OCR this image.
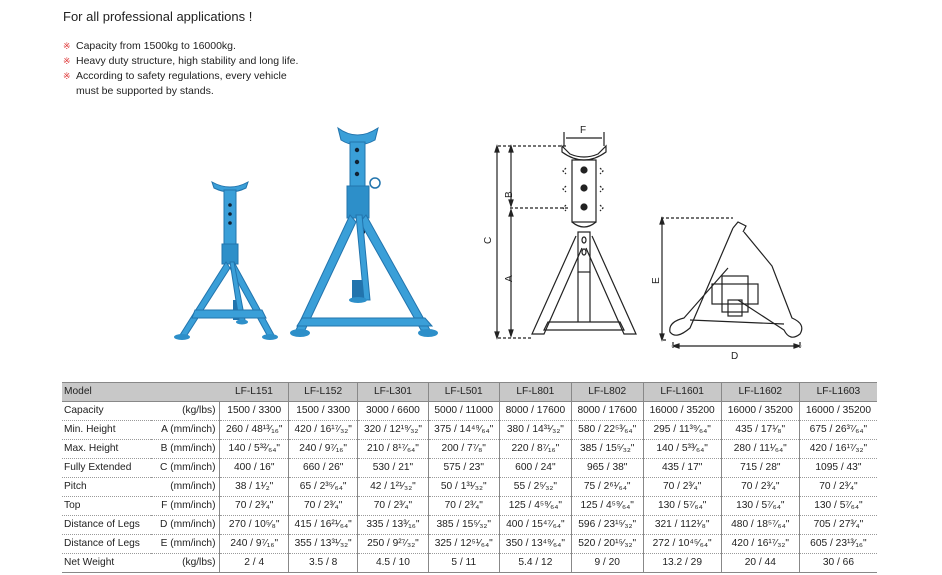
For all professional applications !
※ Capacity from 1500kg to 16000kg.
※ Heavy duty structure, high stability and long life.
※ According to safety regulations, every vehicle
must be supported by stands.
F
B
C
A	E
D
Model		LF-L151	LF-L152	LF-L301	LF-L501	LF-L801	LF-L802	LF-L1601	LF-L1602	LF-L1603
Capacity	(kg/lbs)	1500 / 3300	1500 / 3300	3000 / 6600	5000 / 11000	8000 / 17600	8000 / 17600	16000 / 35200	16000 / 35200	16000 / 35200
Min. Height	A (mm/inch)	260 / 48¹³⁄₁₆"	420 / 16¹⁷⁄₃₂"	320 / 12¹⁹⁄₃₂"	375 / 14⁴⁹⁄₆₄"	380 / 14³¹⁄₃₂"	580 / 22⁵³⁄₆₄"	295 / 11³⁹⁄₆₄"	435 / 17¹⁄₈"	675 / 26³⁷⁄₆₄"
Max. Height	B (mm/inch)	140 / 5³²⁄₆₄"	240 / 9⁷⁄₁₆"	210 / 8¹⁷⁄₆₄"	200 / 7⁷⁄₈"	220 / 8⁷⁄₁₆"	385 / 15⁵⁄₃₂"	140 / 5³³⁄₆₄"	280 / 11¹⁄₆₄"	420 / 16¹⁷⁄₃₂"
Fully Extended	C (mm/inch)	400 / 16"	660 / 26"	530 / 21"	575 / 23"	600 / 24"	965 / 38"	435 / 17"	715 / 28"	1095 / 43"
Pitch	(mm/inch)	38 / 1¹⁄₂"	65 / 2³⁵⁄₆₄"	42 / 1²¹⁄₃₂"	50 / 1³¹⁄₃₂"	55 / 2⁵⁄₃₂"	75 / 2⁶¹⁄₆₄"	70 / 2³⁄₄"	70 / 2³⁄₄"	70 / 2³⁄₄"
Top	F (mm/inch)	70 / 2³⁄₄"	70 / 2³⁄₄"	70 / 2³⁄₄"	70 / 2³⁄₄"	125 / 4⁵⁹⁄₆₄"	125 / 4⁵⁹⁄₆₄"	130 / 5⁷⁄₆₄"	130 / 5⁷⁄₆₄"	130 / 5⁷⁄₆₄"
Distance of Legs	D (mm/inch)	270 / 10⁵⁄₈"	415 / 16²¹⁄₆₄"	335 / 13³⁄₁₆"	385 / 15⁵⁄₃₂"	400 / 15⁴⁷⁄₆₄"	596 / 23¹⁵⁄₃₂"	321 / 112¹⁄₈"	480 / 18⁵⁷⁄₆₄"	705 / 27³⁄₄"
Distance of Legs	E (mm/inch)	240 / 9⁷⁄₁₆"	355 / 13³¹⁄₃₂"	250 / 9²⁷⁄₃₂"	325 / 12⁵¹⁄₆₄"	350 / 13⁴⁹⁄₆₄"	520 / 20¹⁵⁄₃₂"	272 / 10⁴⁵⁄₆₄"	420 / 16¹⁷⁄₃₂"	605 / 23¹³⁄₁₆"
Net Weight	(kg/lbs)	2 / 4	3.5 / 8	4.5 / 10	5 / 11	5.4 / 12	9 / 20	13.2 / 29	20 / 44	30 / 66
